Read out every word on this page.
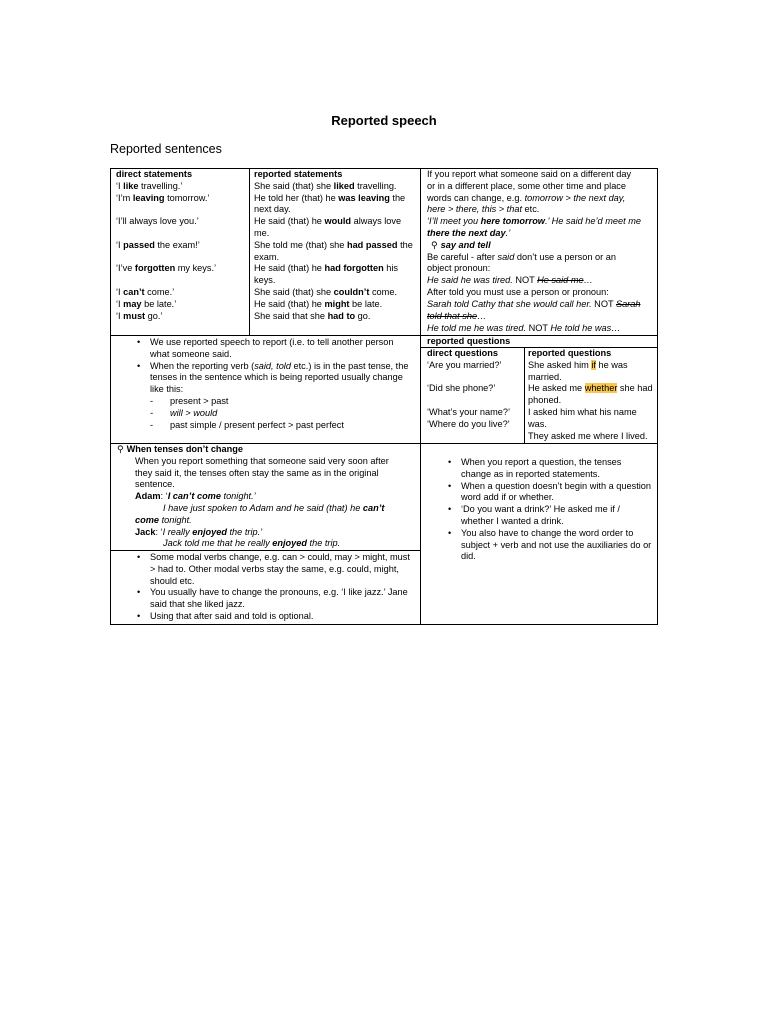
Reported speech
Reported sentences
direct statements
‘I like travelling.’
‘I’m leaving tomorrow.’
‘I’ll always love you.’
‘I passed the exam!’
‘I’ve forgotten my keys.’
‘I can’t come.’
‘I may be late.’
‘I must go.’
reported statements
She said (that) she liked travelling.
He told her (that) he was leaving the next day.
He said (that) he would always love me.
She told me (that) she had passed the exam.
He said (that) he had forgotten his keys.
She said (that) she couldn’t come.
He said (that) he might be late.
She said that she had to go.
If you report what someone said on a different day
or in a different place, some other time and place
words can change, e.g. tomorrow > the next day,
here > there, this > that etc.
‘I’ll meet you here tomorrow.’ He said he’d meet me
there the next day.’
⚲ say and tell
Be careful - after said don’t use a person or an
object pronoun:
He said he was tired. NOT He said me…
After told you must use a person or pronoun:
Sarah told Cathy that she would call her. NOT Sarah
told that she…
He told me he was tired. NOT He told he was…
• We use reported speech to report (i.e. to tell another person what someone said.
• When the reporting verb (said, told etc.) is in the past tense, the tenses in the sentence which is being reported usually change like this:
- present > past
- will > would
- past simple / present perfect > past perfect
reported questions
direct questions
‘Are you married?’
‘Did she phone?’
‘What’s your name?’
‘Where do you live?’
reported questions
She asked him if he was married.
He asked me whether she had phoned.
I asked him what his name was.
They asked me where I lived.
⚲ When tenses don’t change
When you report something that someone said very soon after they said it, the tenses often stay the same as in the original sentence.
Adam: ‘I can’t come tonight.’
I have just spoken to Adam and he said (that) he can’t
come tonight.
Jack: ‘I really enjoyed the trip.’
Jack told me that he really enjoyed the trip.
• When you report a question, the tenses change as in reported statements.
• When a question doesn’t begin with a question word add if or whether.
• ‘Do you want a drink?’ He asked me if / whether I wanted a drink.
• You also have to change the word order to subject + verb and not use the auxiliaries do or did.
• Some modal verbs change, e.g. can > could, may > might, must > had to. Other modal verbs stay the same, e.g. could, might, should etc.
• You usually have to change the pronouns, e.g. ‘I like jazz.’ Jane said that she liked jazz.
• Using that after said and told is optional.
